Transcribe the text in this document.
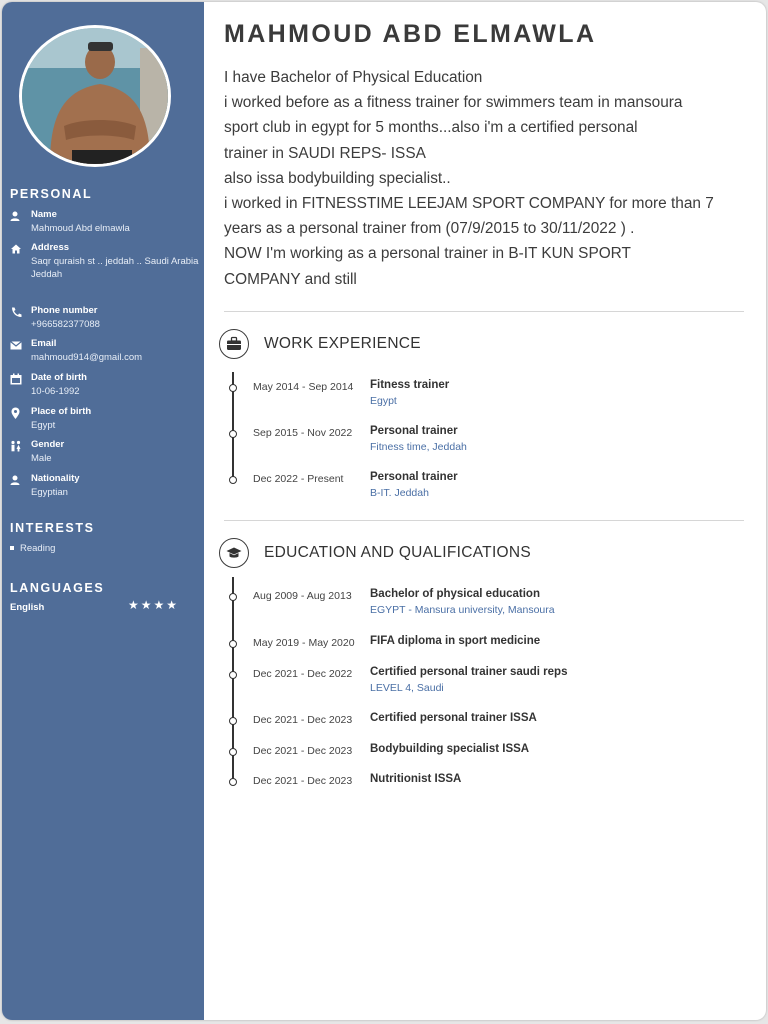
PERSONAL
Name
Mahmoud Abd elmawla
Address
Saqr quraish st .. jeddah .. Saudi Arabia
Jeddah
Phone number
+966582377088
Email
mahmoud914@gmail.com
Date of birth
10-06-1992
Place of birth
Egypt
Gender
Male
Nationality
Egyptian
INTERESTS
Reading
LANGUAGES
English	★★★★
MAHMOUD ABD ELMAWLA
I have Bachelor of Physical Education
i worked before as a fitness trainer for swimmers team in mansoura
sport club in egypt for 5 months...also i'm a certified personal
trainer in SAUDI REPS- ISSA
also issa bodybuilding specialist..
i worked in FITNESSTIME LEEJAM SPORT COMPANY for more than 7
years as a personal trainer from (07/9/2015 to 30/11/2022 ) .
NOW I'm working as a personal trainer in B-IT KUN SPORT
COMPANY and still
WORK EXPERIENCE
May 2014 - Sep 2014 Fitness trainer
Egypt
Sep 2015 - Nov 2022 Personal trainer
Fitness time, Jeddah
Dec 2022 - Present Personal trainer
B-IT. Jeddah
EDUCATION AND QUALIFICATIONS
Aug 2009 - Aug 2013 Bachelor of physical education
EGYPT - Mansura university, Mansoura
May 2019 - May 2020 FIFA diploma in sport medicine
Dec 2021 - Dec 2022 Certified personal trainer saudi reps
LEVEL 4, Saudi
Dec 2021 - Dec 2023 Certified personal trainer ISSA
Dec 2021 - Dec 2023 Bodybuilding specialist ISSA
Dec 2021 - Dec 2023 Nutritionist ISSA
